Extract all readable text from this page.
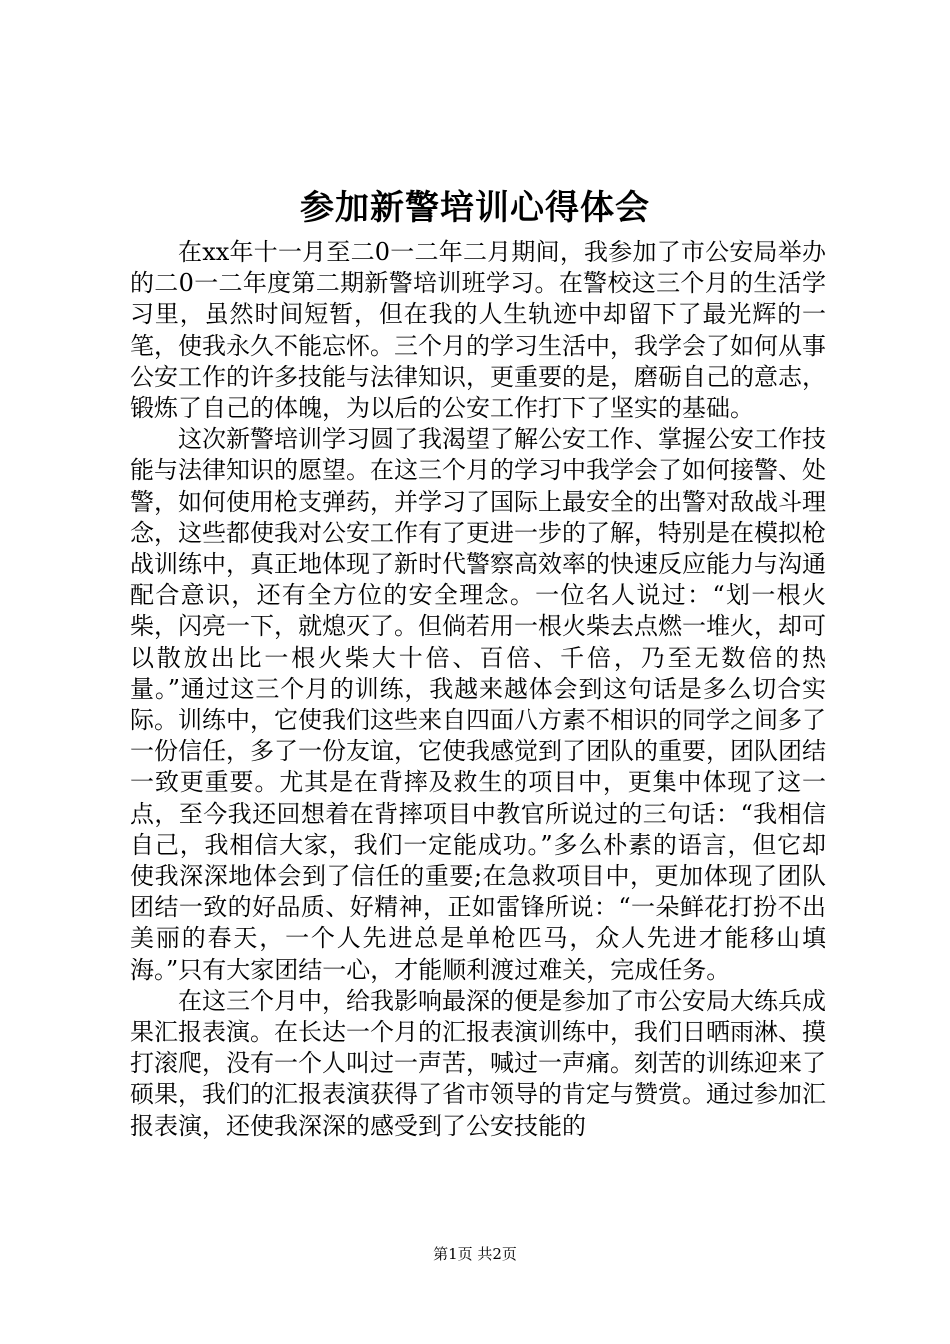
参加新警培训心得体会

在xx年十一月至二0一二年二月期间，我参加了市公安局举办的二0一二年度第二期新警培训班学习。在警校这三个月的生活学习里，虽然时间短暂，但在我的人生轨迹中却留下了最光辉的一笔，使我永久不能忘怀。三个月的学习生活中，我学会了如何从事公安工作的许多技能与法律知识，更重要的是，磨砺自己的意志，锻炼了自己的体魄，为以后的公安工作打下了坚实的基础。

这次新警培训学习圆了我渴望了解公安工作、掌握公安工作技能与法律知识的愿望。在这三个月的学习中我学会了如何接警、处警，如何使用枪支弹药，并学习了国际上最安全的出警对敌战斗理念，这些都使我对公安工作有了更进一步的了解，特别是在模拟枪战训练中，真正地体现了新时代警察高效率的快速反应能力与沟通配合意识，还有全方位的安全理念。一位名人说过：“划一根火柴，闪亮一下，就熄灭了。但倘若用一根火柴去点燃一堆火，却可以散放出比一根火柴大十倍、百倍、千倍，乃至无数倍的热量。”通过这三个月的训练，我越来越体会到这句话是多么切合实际。训练中，它使我们这些来自四面八方素不相识的同学之间多了一份信任，多了一份友谊，它使我感觉到了团队的重要，团队团结一致更重要。尤其是在背摔及救生的项目中，更集中体现了这一点，至今我还回想着在背摔项目中教官所说过的三句话：“我相信自己，我相信大家，我们一定能成功。”多么朴素的语言，但它却使我深深地体会到了信任的重要;在急救项目中，更加体现了团队团结一致的好品质、好精神，正如雷锋所说：“一朵鲜花打扮不出美丽的春天，一个人先进总是单枪匹马，众人先进才能移山填海。”只有大家团结一心，才能顺利渡过难关，完成任务。

在这三个月中，给我影响最深的便是参加了市公安局大练兵成果汇报表演。在长达一个月的汇报表演训练中，我们日晒雨淋、摸打滚爬，没有一个人叫过一声苦，喊过一声痛。刻苦的训练迎来了硕果，我们的汇报表演获得了省市领导的肯定与赞赏。通过参加汇报表演，还使我深深的感受到了公安技能的

第1页 共2页
